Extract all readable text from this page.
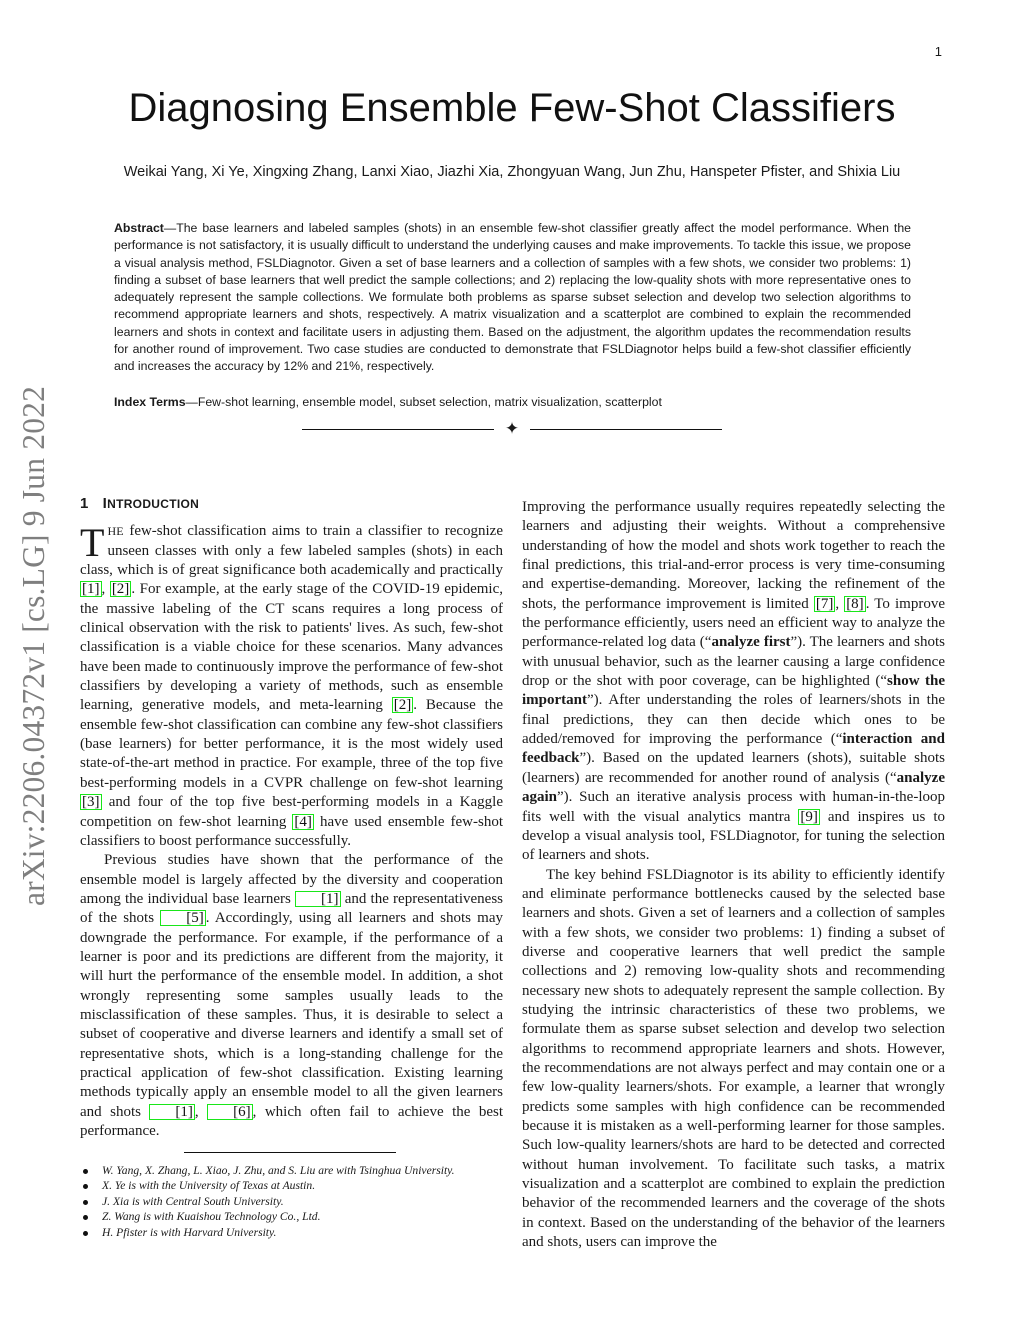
1
arXiv:2206.04372v1 [cs.LG] 9 Jun 2022
Diagnosing Ensemble Few-Shot Classifiers
Weikai Yang, Xi Ye, Xingxing Zhang, Lanxi Xiao, Jiazhi Xia, Zhongyuan Wang, Jun Zhu, Hanspeter Pfister, and Shixia Liu
Abstract—The base learners and labeled samples (shots) in an ensemble few-shot classifier greatly affect the model performance. When the performance is not satisfactory, it is usually difficult to understand the underlying causes and make improvements. To tackle this issue, we propose a visual analysis method, FSLDiagnotor. Given a set of base learners and a collection of samples with a few shots, we consider two problems: 1) finding a subset of base learners that well predict the sample collections; and 2) replacing the low-quality shots with more representative ones to adequately represent the sample collections. We formulate both problems as sparse subset selection and develop two selection algorithms to recommend appropriate learners and shots, respectively. A matrix visualization and a scatterplot are combined to explain the recommended learners and shots in context and facilitate users in adjusting them. Based on the adjustment, the algorithm updates the recommendation results for another round of improvement. Two case studies are conducted to demonstrate that FSLDiagnotor helps build a few-shot classifier efficiently and increases the accuracy by 12% and 21%, respectively.
Index Terms—Few-shot learning, ensemble model, subset selection, matrix visualization, scatterplot
✦
1 INTRODUCTION

THE few-shot classification aims to train a classifier to recognize unseen classes with only a few labeled samples (shots) in each class, which is of great significance both academically and practically [1] , [2] . For example, at the early stage of the COVID-19 epidemic, the massive labeling of the CT scans requires a long process of clinical observation with the risk to patients' lives. As such, few-shot classification is a viable choice for these scenarios. Many advances have been made to continuously improve the performance of few-shot classifiers by developing a variety of methods, such as ensemble learning, generative models, and meta-learning [2] . Because the ensemble few-shot classification can combine any few-shot classifiers (base learners) for better performance, it is the most widely used state-of-the-art method in practice. For example, three of the top five best-performing models in a CVPR challenge on few-shot learning [3] and four of the top five best-performing models in a Kaggle competition on few-shot learning [4] have used ensemble few-shot classifiers to boost performance successfully.

Previous studies have shown that the performance of the ensemble model is largely affected by the diversity and cooperation among the individual base learners [1] and the representativeness of the shots [5] . Accordingly, using all learners and shots may downgrade the performance. For example, if the performance of a learner is poor and its predictions are different from the majority, it will hurt the performance of the ensemble model. In addition, a shot wrongly representing some samples usually leads to the misclassification of these samples. Thus, it is desirable to select a subset of cooperative and diverse learners and identify a small set of representative shots, which is a long-standing challenge for the practical application of few-shot classification. Existing learning methods typically apply an ensemble model to all the given learners and shots [1] , [6] , which often fail to achieve the best performance.

W. Yang, X. Zhang, L. Xiao, J. Zhu, and S. Liu are with Tsinghua University.
X. Ye is with the University of Texas at Austin.
J. Xia is with Central South University.
Z. Wang is with Kuaishou Technology Co., Ltd.
H. Pfister is with Harvard University.

Improving the performance usually requires repeatedly selecting the learners and adjusting their weights. Without a comprehensive understanding of how the model and shots work together to reach the final predictions, this trial-and-error process is very time-consuming and expertise-demanding. Moreover, lacking the refinement of the shots, the performance improvement is limited [7] , [8] . To improve the performance efficiently, users need an efficient way to analyze the performance-related log data (“analyze first”). The learners and shots with unusual behavior, such as the learner causing a large confidence drop or the shot with poor coverage, can be highlighted (“show the important”). After understanding the roles of learners/shots in the final predictions, they can then decide which ones to be added/removed for improving the performance (“interaction and feedback”). Based on the updated learners (shots), suitable shots (learners) are recommended for another round of analysis (“analyze again”). Such an iterative analysis process with human-in-the-loop fits well with the visual analytics mantra [9] and inspires us to develop a visual analysis tool, FSLDiagnotor, for tuning the selection of learners and shots.

The key behind FSLDiagnotor is its ability to efficiently identify and eliminate performance bottlenecks caused by the selected base learners and shots. Given a set of learners and a collection of samples with a few shots, we consider two problems: 1) finding a subset of diverse and cooperative learners that well predict the sample collections and 2) removing low-quality shots and recommending necessary new shots to adequately represent the sample collection. By studying the intrinsic characteristics of these two problems, we formulate them as sparse subset selection and develop two selection algorithms to recommend appropriate learners and shots. However, the recommendations are not always perfect and may contain one or a few low-quality learners/shots. For example, a learner that wrongly predicts some samples with high confidence can be recommended because it is mistaken as a well-performing learner for those samples. Such low-quality learners/shots are hard to be detected and corrected without human involvement. To facilitate such tasks, a matrix visualization and a scatterplot are combined to explain the prediction behavior of the recommended learners and the coverage of the shots in context. Based on the understanding of the behavior of the learners and shots, users can improve the
